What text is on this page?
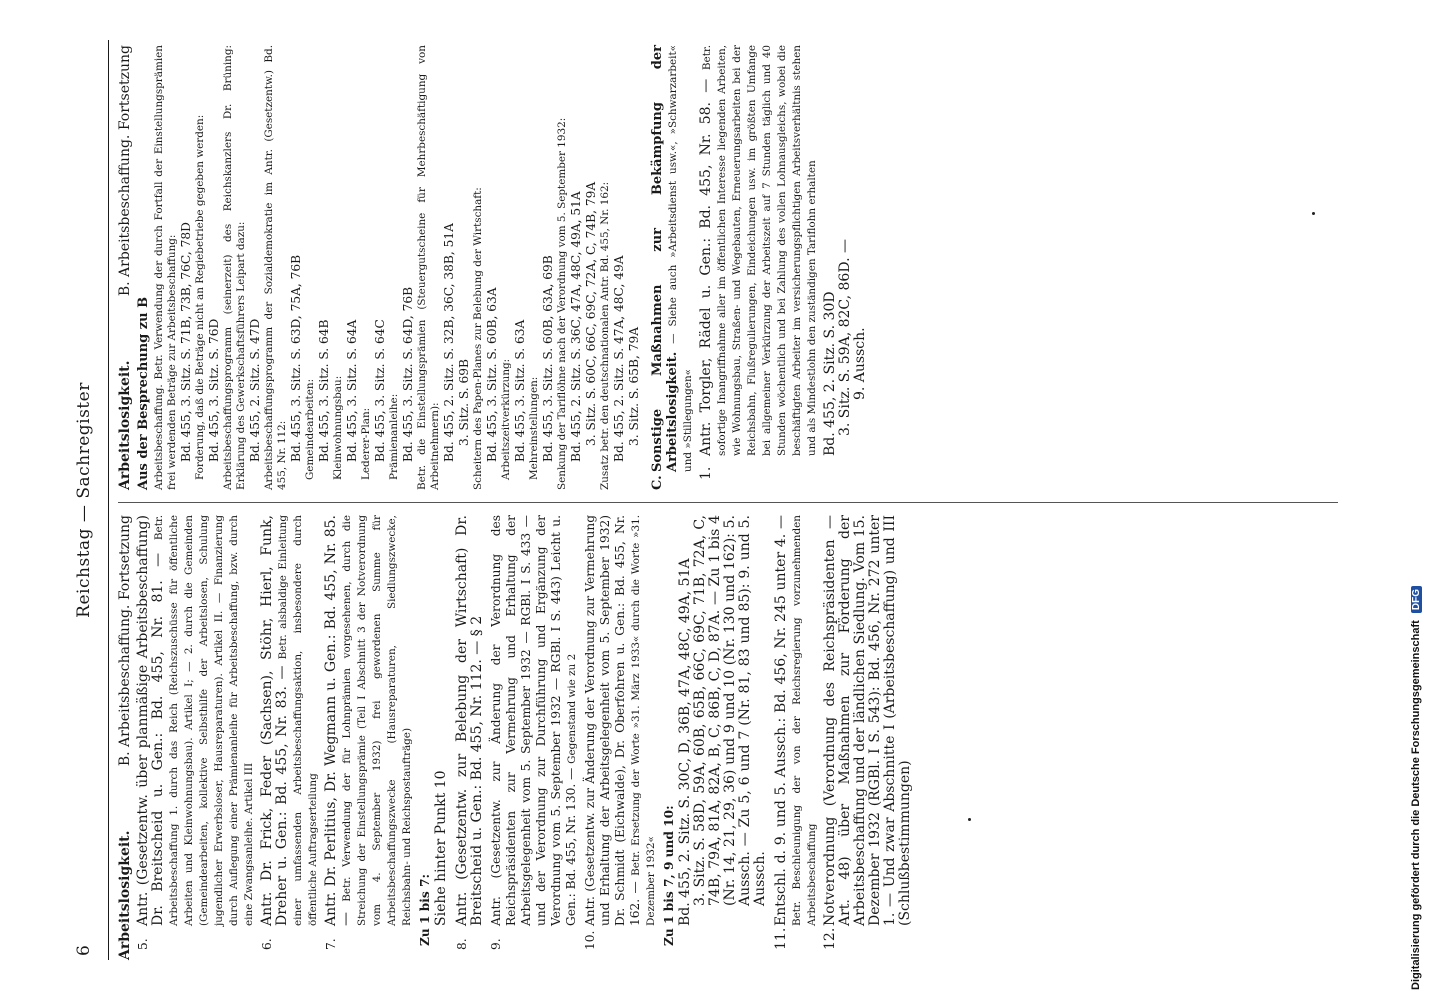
6
Reichstag — Sachregister
Arbeitslosigkeit.
B. Arbeitsbeschaffung. Fortsetzung
5.
Antr. (Gesetzentw. über planmäßige Arbeitsbeschaffung) Dr. Breitscheid u. Gen.: Bd. 455, Nr. 81. — Betr. Arbeitsbeschaffung 1. durch das Reich (Reichszuschüsse für öffentliche Arbeiten und Kleinwohnungsbau). Artikel I; — 2. durch die Gemeinden (Gemeindearbeiten, kollektive Selbsthilfe der Arbeitslosen, Schulung jugendlicher Erwerbsloser, Hausreparaturen). Artikel II. — Finanzierung durch Auflegung einer Prämienanleihe für Arbeitsbeschaffung, bzw. durch eine Zwangsanleihe. Artikel III
6.
Antr. Dr. Frick, Feder (Sachsen), Stöhr, Hierl, Funk, Dreher u. Gen.: Bd. 455, Nr. 83. — Betr. alsbaldige Einleitung einer umfassenden Arbeitsbeschaffungsaktion, insbesondere durch öffentliche Auftragserteilung
7.
Antr. Dr. Perlitius, Dr. Wegmann u. Gen.: Bd. 455, Nr. 85. — Betr. Verwendung der für Lohnprämien vorgesehenen, durch die Streichung der Einstellungsprämie (Teil I Abschnitt 3 der Notverordnung vom 4. September 1932) frei gewordenen Summe für Arbeitsbeschaffungszwecke (Hausreparaturen, Siedlungszwecke, Reichsbahn- und Reichspostaufträge) Zu 1 bis 7: Siehe hinter Punkt 10
8.
Antr. (Gesetzentw. zur Belebung der Wirtschaft) Dr. Breitscheid u. Gen.: Bd. 455, Nr. 112. — § 2
9.
Antr. (Gesetzentw. zur Änderung der Verordnung des Reichspräsidenten zur Vermehrung und Erhaltung der Arbeitsgelegenheit vom 5. September 1932 — RGBl. I S. 433 — und der Verordnung zur Durchführung und Ergänzung der Verordnung vom 5. September 1932 — RGBl. I S. 443) Leicht u. Gen.: Bd. 455, Nr. 130. — Gegenstand wie zu 2
10.
Antr. (Gesetzentw. zur Änderung der Verordnung zur Vermehrung und Erhaltung der Arbeitsgelegenheit vom 5. September 1932) Dr. Schmidt (Eichwalde), Dr. Oberfohren u. Gen.: Bd. 455, Nr. 162. — Betr. Ersetzung der Worte »31. März 1933« durch die Worte »31. Dezember 1932« Zu 1 bis 7, 9 und 10: Bd. 455, 2. Sitz. S. 30C, D, 36B, 47A, 48C, 49A, 51A 3. Sitz. S. 58D, 59A, 60B, 65B, 66C, 69C, 71B, 72A, C, 74B, 79A, 81A, 82A, B, C, 86B, C, D, 87A. — Zu 1 bis 4 (Nr. 14, 21, 29, 36) und 9 und 10 (Nr. 130 und 162): 5. Aussch. — Zu 5, 6 und 7 (Nr. 81, 83 und 85): 9. und 5. Aussch.
11.
Entschl. d. 9. und 5. Aussch.: Bd. 456, Nr. 245 unter 4. — Betr. Beschleunigung der von der Reichsregierung vorzunehmenden Arbeitsbeschaffung
12.
Notverordnung (Verordnung des Reichspräsidenten — Art. 48) über Maßnahmen zur Förderung der Arbeitsbeschaffung und der ländlichen Siedlung. Vom 15. Dezember 1932 (RGBl. I S. 543): Bd. 456, Nr. 272 unter 1. — Und zwar Abschnitte I (Arbeitsbeschaffung) und III (Schlußbestimmungen)
Arbeitslosigkeit.
B. Arbeitsbeschaffung. Fortsetzung
Aus der Besprechung zu B Arbeitsbeschaffung. Betr. Verwendung der durch Fortfall der Einstellungsprämien frei werdenden Beträge zur Arbeitsbeschaffung: Bd. 455, 3. Sitz. S. 71B, 73B, 76C, 78D Forderung, daß die Beträge nicht an Regiebetriebe gegeben werden: Bd. 455, 3. Sitz. S. 76D Arbeitsbeschaffungsprogramm (seinerzeit) des Reichskanzlers Dr. Brüning: Erklärung des Gewerkschaftsführers Leipart dazu: Bd. 455, 2. Sitz. S. 47D Arbeitsbeschaffungsprogramm der Sozialdemokratie im Antr. (Gesetzentw.) Bd. 455, Nr. 112: Bd. 455, 3. Sitz. S. 63D, 75A, 76B Gemeindearbeiten: Bd. 455, 3. Sitz. S. 64B Kleinwohnungsbau: Bd. 455, 3. Sitz. S. 64A Lederer-Plan: Bd. 455, 3. Sitz. S. 64C Prämienanleihe: Bd. 455, 3. Sitz. S. 64D, 76B Betr. die Einstellungsprämien (Steuergutscheine für Mehrbeschäftigung von Arbeitnehmern): Bd. 455, 2. Sitz. S. 32B, 36C, 38B, 51A 3. Sitz. S. 69B Scheitern des Papen-Planes zur Belebung der Wirtschaft: Bd. 455, 3. Sitz. S. 60B, 63A Arbeitszeitverkürzung: Bd. 455, 3. Sitz. S. 63A Mehreinstellungen: Bd. 455, 3. Sitz. S. 60B, 63A, 69B Senkung der Tariflöhne nach der Verordnung vom 5. September 1932: Bd. 455, 2. Sitz. S. 36C, 47A, 48C, 49A, 51A 3. Sitz. S. 60C, 66C, 69C, 72A, C, 74B, 79A Zusatz betr. den deutschnationalen Antr. Bd. 455, Nr. 162: Bd. 455, 2. Sitz. S. 47A, 48C, 49A 3. Sitz. S. 65B, 79A
C.
Sonstige Maßnahmen zur Bekämpfung der Arbeitslosigkeit. — Siehe auch »Arbeitsdienst usw.«, »Schwarzarbeit« und »Stillegungen«
1.
Antr. Torgler, Rädel u. Gen.: Bd. 455, Nr. 58. — Betr. sofortige Inangriffnahme aller im öffentlichen Interesse liegenden Arbeiten, wie Wohnungsbau, Straßen- und Wegebauten, Erneuerungsarbeiten bei der Reichsbahn, Flußregulierungen, Eindeichungen usw. im größten Umfange bei allgemeiner Verkürzung der Arbeitszeit auf 7 Stunden täglich und 40 Stunden wöchentlich und bei Zahlung des vollen Lohnausgleichs, wobei die beschäftigten Arbeiter im versicherungspflichtigen Arbeitsverhältnis stehen und als Mindestlohn den zuständigen Tariflohn erhalten Bd. 455, 2. Sitz. S. 30D 3. Sitz. S. 59A, 82C, 86D. — 9. Aussch.
Digitalisierung gefördert durch die Deutsche Forschungsgemeinschaft DFG
